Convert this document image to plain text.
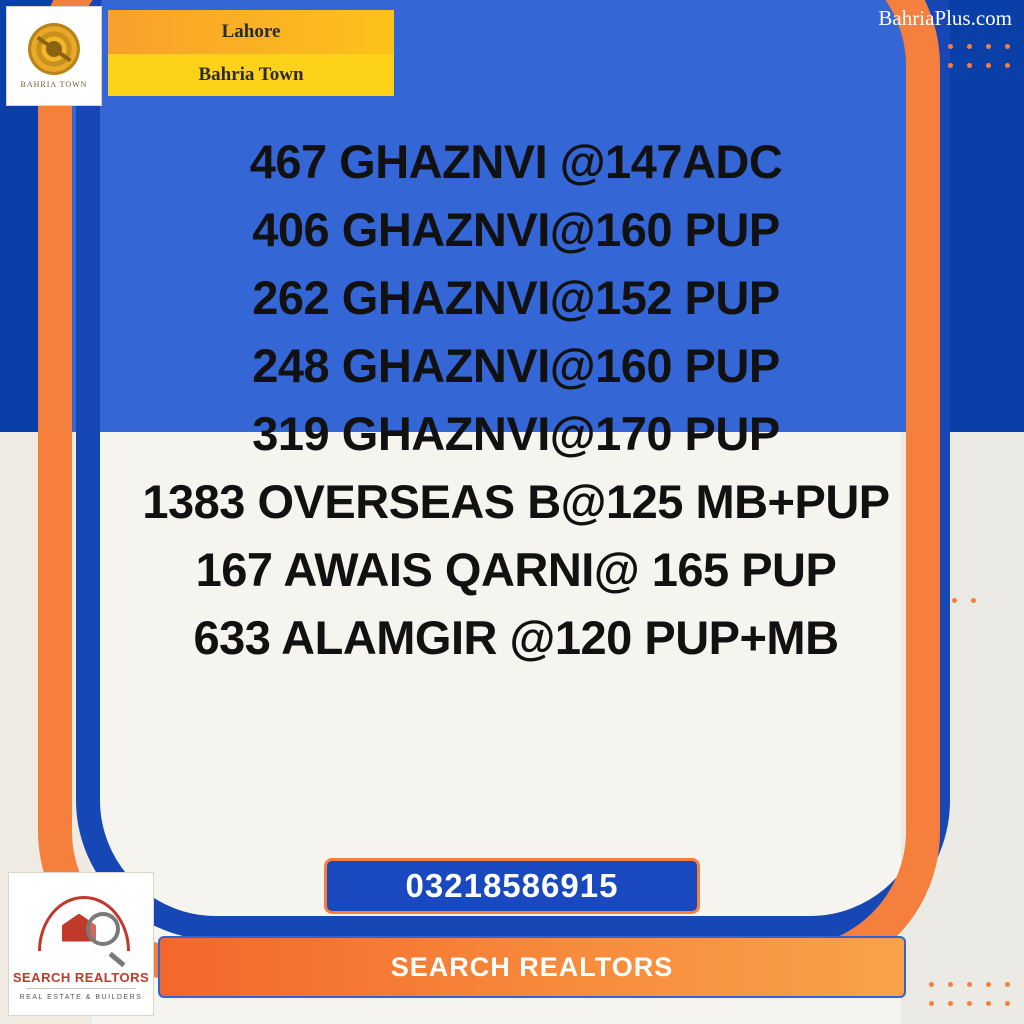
BAHRIA TOWN
Lahore
Bahria Town
BahriaPlus.com
467 GHAZNVI @147ADC
406 GHAZNVI@160 PUP
262 GHAZNVI@152 PUP
248 GHAZNVI@160 PUP
319 GHAZNVI@170 PUP
1383 OVERSEAS B@125 MB+PUP
167 AWAIS QARNI@ 165 PUP
633 ALAMGIR @120 PUP+MB
03218586915
SEARCH REALTORS
SEARCH REALTORS
REAL ESTATE & BUILDERS
